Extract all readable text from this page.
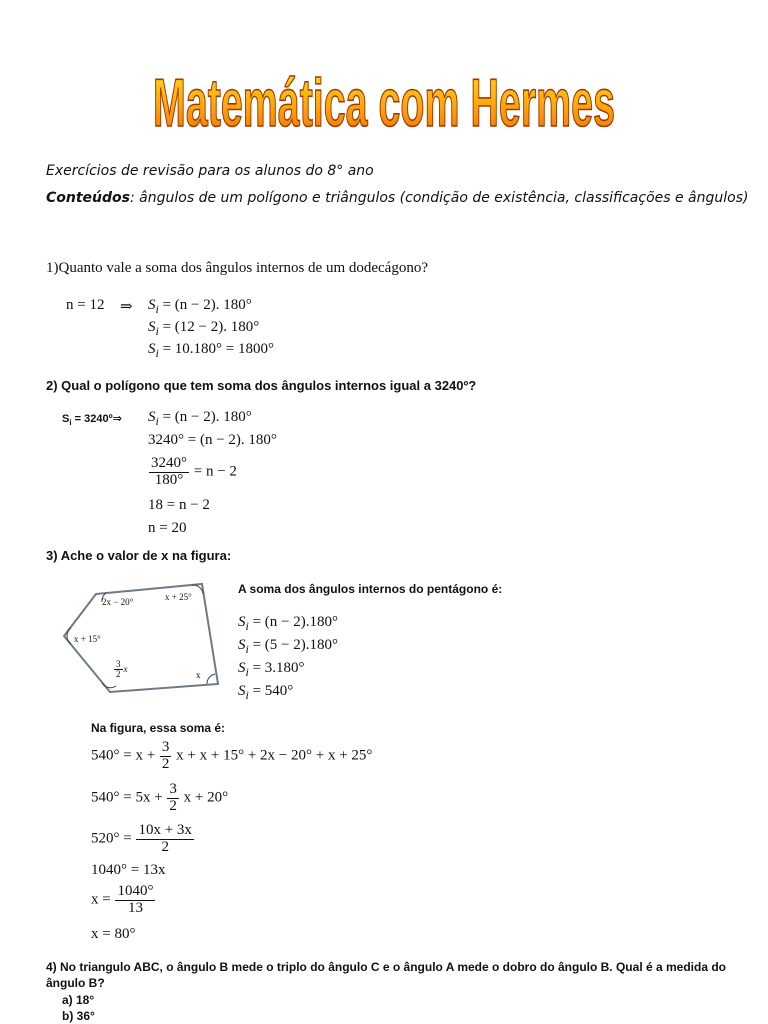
Matemática com Hermes
Exercícios de revisão para os alunos do 8° ano
Conteúdos: ângulos de um polígono e triângulos (condição de existência, classificações e ângulos)
1)Quanto vale a soma dos ângulos internos de um dodecágono?
n = 12 ⇒ $S_i = (n - 2)$. 180°
$S_i = (12 - 2)$. 180°
$S_i = 10.180^\circ = 1800^\circ$
2) Qual o polígono que tem soma dos ângulos internos igual a 3240º?
$S_i$ = 3240º⇒ $S_i = (n - 2)$. 180°
3240° = (n − 2). 180°
$\frac{3240^\circ}{180^\circ} = n - 2$
18 = n − 2
n = 20
3) Ache o valor de x na figura:
2x − 20°	x + 25°
x + 15°
$\frac{3}{2}$ x
x
A soma dos ângulos internos do pentágono é:
$S_i = (n - 2).180^\circ$
$S_i = (5 - 2).180^\circ$
$S_i = 3.180^\circ$
$S_i = 540^\circ$
Na figura, essa soma é:
$540^\circ = x + \frac{3}{2}$ x + x + 15° + 2x − 20° + x + 25°
$540^\circ = 5x + \frac{3}{2}$ x + 20°
$520^\circ = \frac{10x + 3x}{2}$
1040° = 13x
$x = \frac{1040^\circ}{13}$
x = 80°
4) No triangulo ABC, o ângulo B mede o triplo do ângulo C e o ângulo A mede o dobro do ângulo B. Qual é a medida do
ângulo B?
a) 18°
b) 36°
